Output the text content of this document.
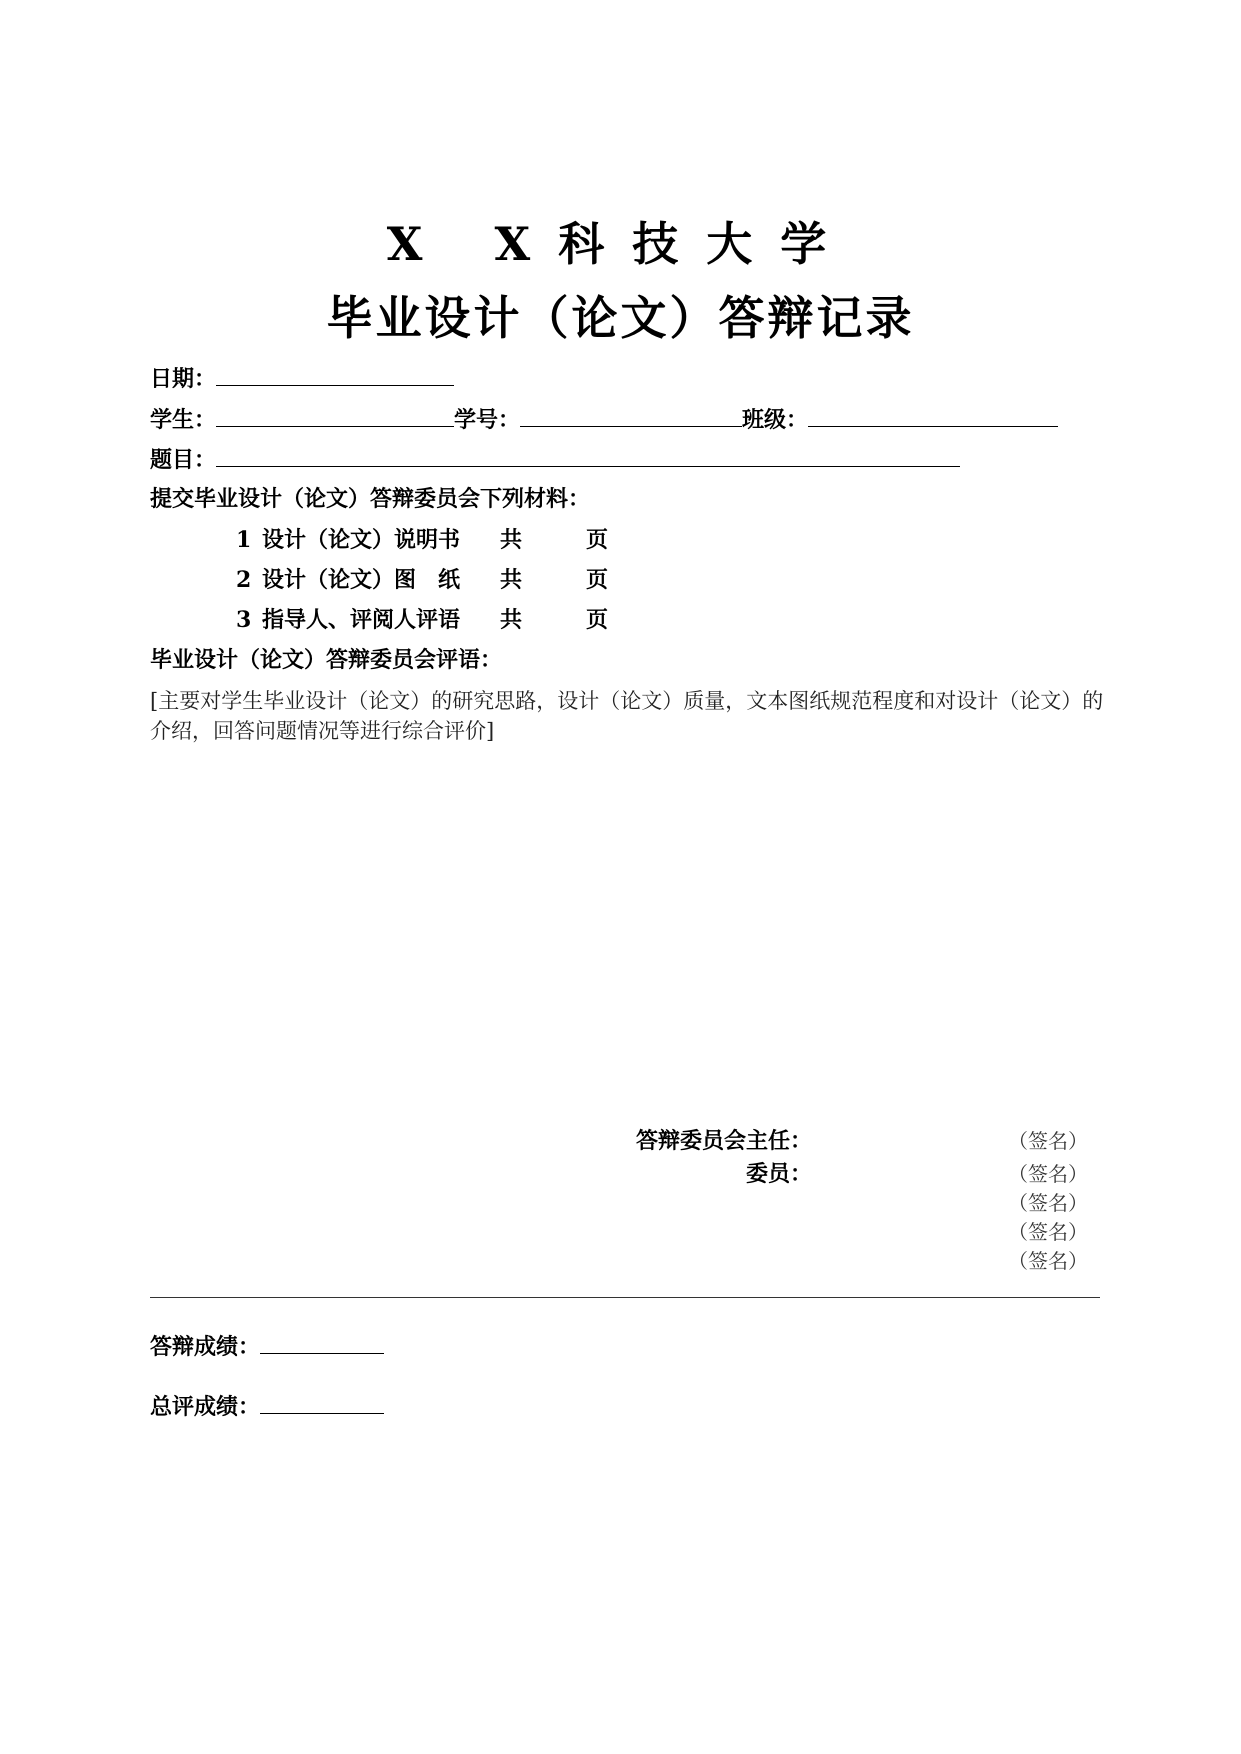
X X科技大学
毕业设计（论文）答辩记录
日期：
学生：	学号：	班级：
题目：
提交毕业设计（论文）答辩委员会下列材料：
1 设计（论文）说明书 共	页
2 设计（论文）图　纸 共	页
3 指导人、评阅人评语 共	页
毕业设计（论文）答辩委员会评语：
[主要对学生毕业设计（论文）的研究思路，设计（论文）质量，文本图纸规范程度和对设计（论文）的介绍，回答问题情况等进行综合评价]
答辩委员会主任：	（签名）
委员：	（签名）
（签名）
（签名）
（签名）
答辩成绩：
总评成绩：
